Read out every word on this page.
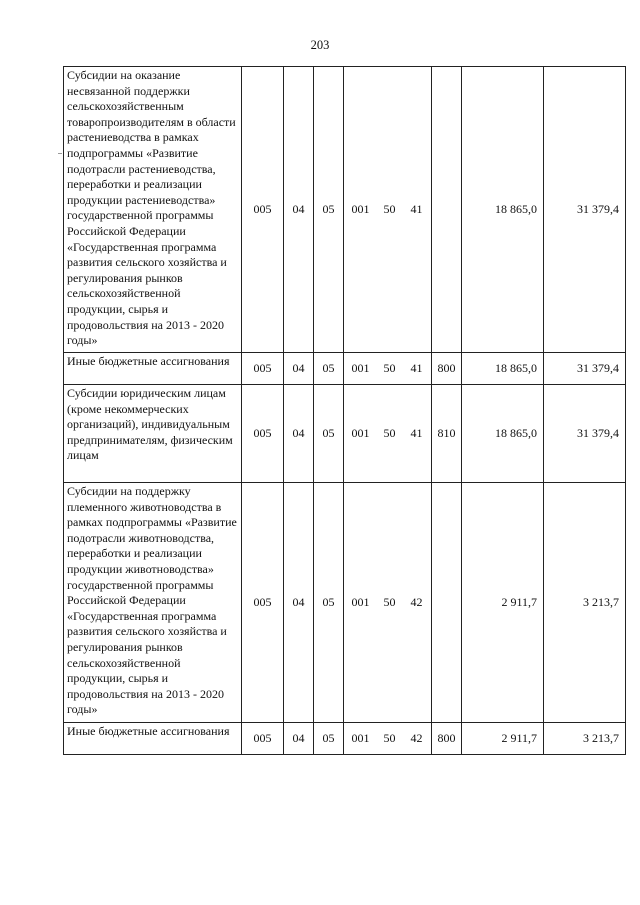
203
Субсидии на оказание несвязанной поддержки сельскохозяйственным товаропроизводителям в области растениеводства в рамках подпрограммы «Развитие подотрасли растениеводства, переработки и реализации продукции растениеводства» государственной программы Российской Федерации «Государственная программа развития сельского хозяйства и регулирования рынков сельскохозяйственной продукции, сырья и продовольствия на 2013 - 2020 годы»	005	04	05	001 50 41		18 865,0	31 379,4
Иные бюджетные ассигнования	005	04	05	001 50 41	800	18 865,0	31 379,4
Субсидии юридическим лицам (кроме некоммерческих организаций), индивидуальным предпринимателям, физическим лицам	005	04	05	001 50 41	810	18 865,0	31 379,4
Субсидии на поддержку племенного животноводства в рамках подпрограммы «Развитие подотрасли животноводства, переработки и реализации продукции животноводства» государственной программы Российской Федерации «Государственная программа развития сельского хозяйства и регулирования рынков сельскохозяйственной продукции, сырья и продовольствия на 2013 - 2020 годы»	005	04	05	001 50 42		2 911,7	3 213,7
Иные бюджетные ассигнования	005	04	05	001 50 42	800	2 911,7	3 213,7
